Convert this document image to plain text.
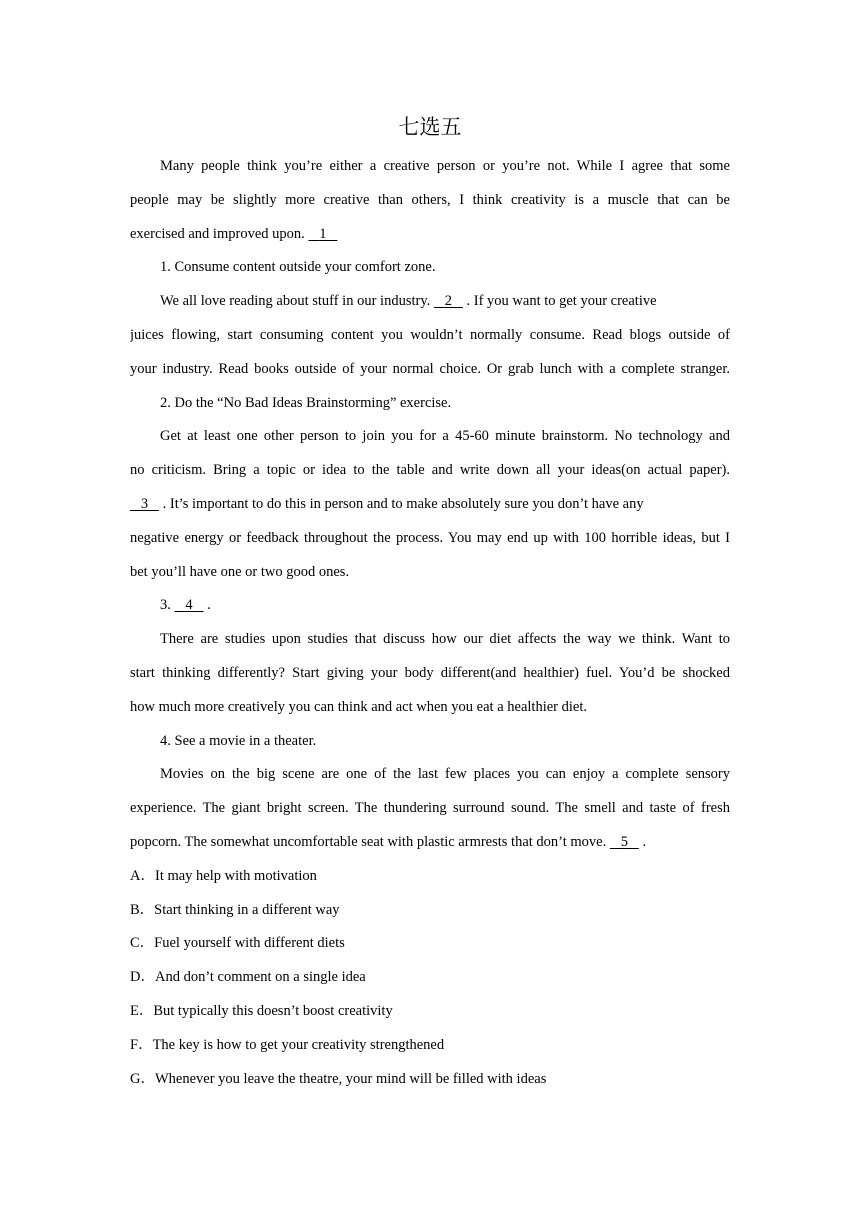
七选五
Many people think you’re either a creative person or you’re not. While I agree that some
people may be slightly more creative than others, I think creativity is a muscle that can be
exercised and improved upon. 1
1. Consume content outside your comfort zone.
We all love reading about stuff in our industry. 2 . If you want to get your creative
juices flowing, start consuming content you wouldn’t normally consume. Read blogs outside of
your industry. Read books outside of your normal choice. Or grab lunch with a complete stranger.
2. Do the “No Bad Ideas Brainstorming” exercise.
Get at least one other person to join you for a 45-60 minute brainstorm. No technology and
no criticism. Bring a topic or idea to the table and write down all your ideas(on actual paper).
3 . It’s important to do this in person and to make absolutely sure you don’t have any
negative energy or feedback throughout the process. You may end up with 100 horrible ideas, but I
bet you’ll have one or two good ones.
3. 4 .
There are studies upon studies that discuss how our diet affects the way we think. Want to
start thinking differently? Start giving your body different(and healthier) fuel. You’d be shocked
how much more creatively you can think and act when you eat a healthier diet.
4. See a movie in a theater.
Movies on the big scene are one of the last few places you can enjoy a complete sensory
experience. The giant bright screen. The thundering surround sound. The smell and taste of fresh
popcorn. The somewhat uncomfortable seat with plastic armrests that don’t move. 5 .
A．It may help with motivation
B．Start thinking in a different way
C．Fuel yourself with different diets
D．And don’t comment on a single idea
E．But typically this doesn’t boost creativity
F．The key is how to get your creativity strengthened
G．Whenever you leave the theatre, your mind will be filled with ideas
